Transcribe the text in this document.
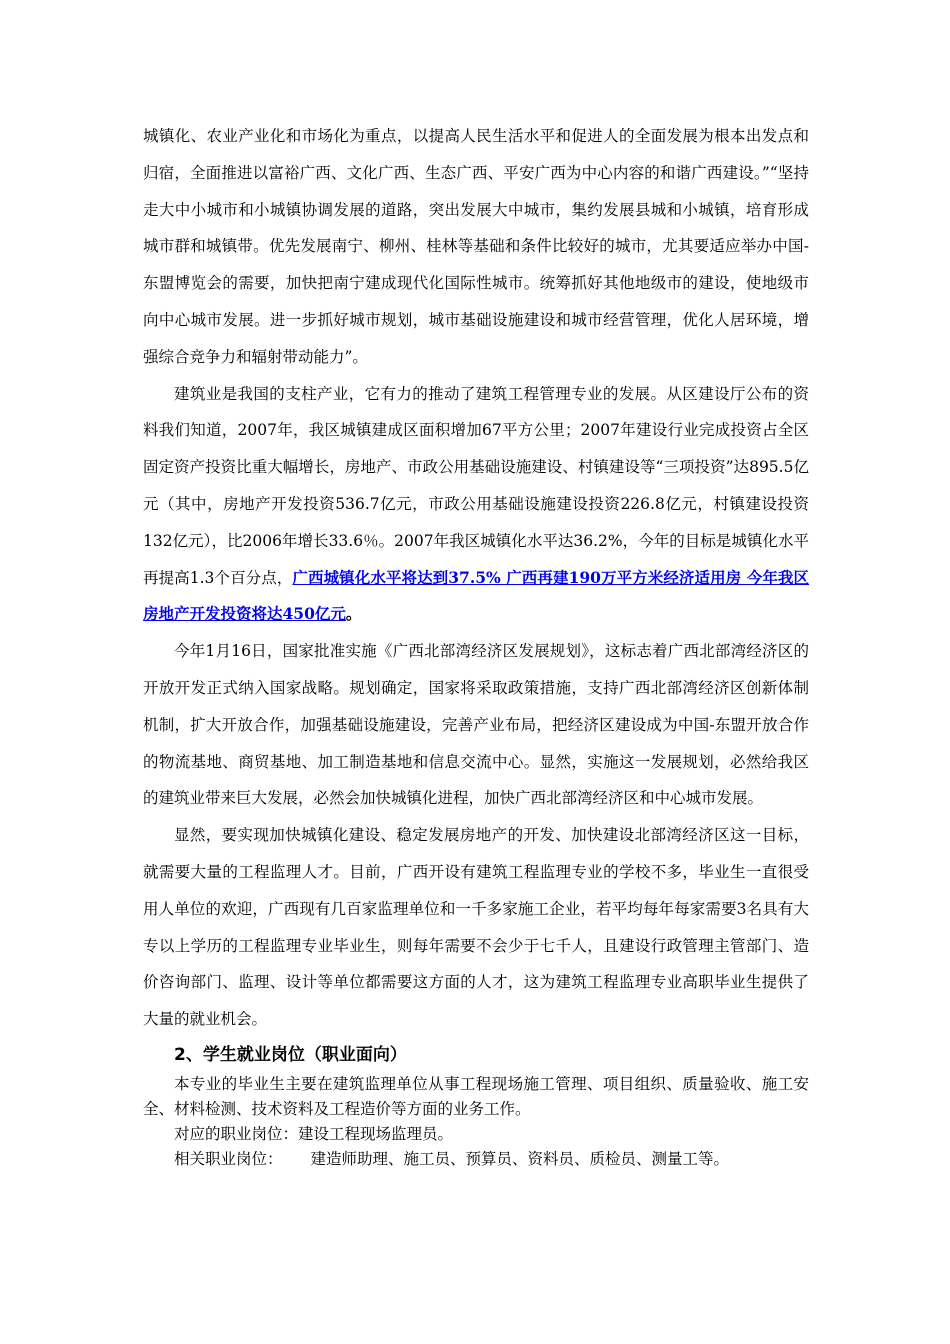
城镇化、农业产业化和市场化为重点，以提高人民生活水平和促进人的全面发展为根本出发点和归宿，全面推进以富裕广西、文化广西、生态广西、平安广西为中心内容的和谐广西建设。”“坚持走大中小城市和小城镇协调发展的道路，突出发展大中城市，集约发展县城和小城镇，培育形成城市群和城镇带。优先发展南宁、柳州、桂林等基础和条件比较好的城市，尤其要适应举办中国-东盟博览会的需要，加快把南宁建成现代化国际性城市。统筹抓好其他地级市的建设，使地级市向中心城市发展。进一步抓好城市规划，城市基础设施建设和城市经营管理，优化人居环境，增强综合竞争力和辐射带动能力”。

建筑业是我国的支柱产业，它有力的推动了建筑工程管理专业的发展。从区建设厅公布的资料我们知道，2007年，我区城镇建成区面积增加67平方公里；2007年建设行业完成投资占全区固定资产投资比重大幅增长，房地产、市政公用基础设施建设、村镇建设等“三项投资”达895.5亿元（其中，房地产开发投资536.7亿元，市政公用基础设施建设投资226.8亿元，村镇建设投资132亿元），比2006年增长33.6％。2007年我区城镇化水平达36.2%，今年的目标是城镇化水平再提高1.3个百分点，广西城镇化水平将达到37.5% 广西再建190万平方米经济适用房 今年我区房地产开发投资将达450亿元。

今年1月16日，国家批准实施《广西北部湾经济区发展规划》，这标志着广西北部湾经济区的开放开发正式纳入国家战略。规划确定，国家将采取政策措施，支持广西北部湾经济区创新体制机制，扩大开放合作，加强基础设施建设，完善产业布局，把经济区建设成为中国-东盟开放合作的物流基地、商贸基地、加工制造基地和信息交流中心。显然，实施这一发展规划，必然给我区的建筑业带来巨大发展，必然会加快城镇化进程，加快广西北部湾经济区和中心城市发展。

显然，要实现加快城镇化建设、稳定发展房地产的开发、加快建设北部湾经济区这一目标，就需要大量的工程监理人才。目前，广西开设有建筑工程监理专业的学校不多，毕业生一直很受用人单位的欢迎，广西现有几百家监理单位和一千多家施工企业，若平均每年每家需要3名具有大专以上学历的工程监理专业毕业生，则每年需要不会少于七千人，且建设行政管理主管部门、造价咨询部门、监理、设计等单位都需要这方面的人才，这为建筑工程监理专业高职毕业生提供了大量的就业机会。

2、学生就业岗位（职业面向）

本专业的毕业生主要在建筑监理单位从事工程现场施工管理、项目组织、质量验收、施工安全、材料检测、技术资料及工程造价等方面的业务工作。

对应的职业岗位：建设工程现场监理员。

相关职业岗位： 建造师助理、施工员、预算员、资料员、质检员、测量工等。
